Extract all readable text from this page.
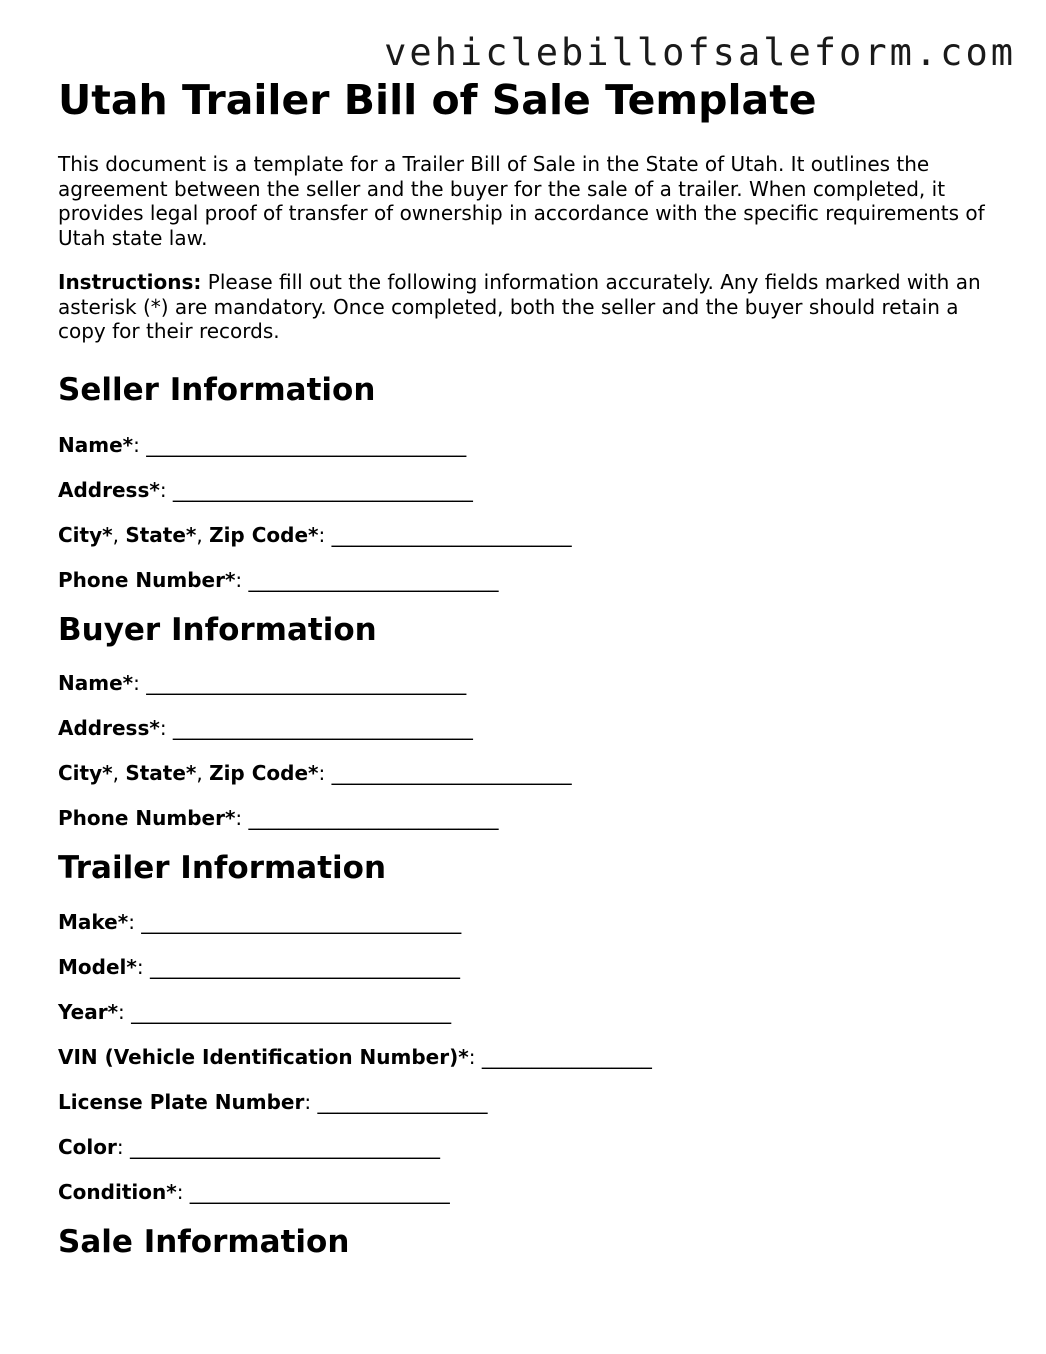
vehiclebillofsaleform.com
Utah Trailer Bill of Sale Template

This document is a template for a Trailer Bill of Sale in the State of Utah. It outlines the agreement between the seller and the buyer for the sale of a trailer. When completed, it provides legal proof of transfer of ownership in accordance with the specific requirements of Utah state law.

Instructions: Please fill out the following information accurately. Any fields marked with an asterisk (*) are mandatory. Once completed, both the seller and the buyer should retain a copy for their records.

Seller Information

Name*: ________________________________

Address*: ______________________________

City*, State*, Zip Code*: ________________________

Phone Number*: _________________________

Buyer Information

Name*: ________________________________

Address*: ______________________________

City*, State*, Zip Code*: ________________________

Phone Number*: _________________________

Trailer Information

Make*: ________________________________

Model*: _______________________________

Year*: ________________________________

VIN (Vehicle Identification Number)*: _________________

License Plate Number: _________________

Color: _______________________________

Condition*: __________________________

Sale Information
